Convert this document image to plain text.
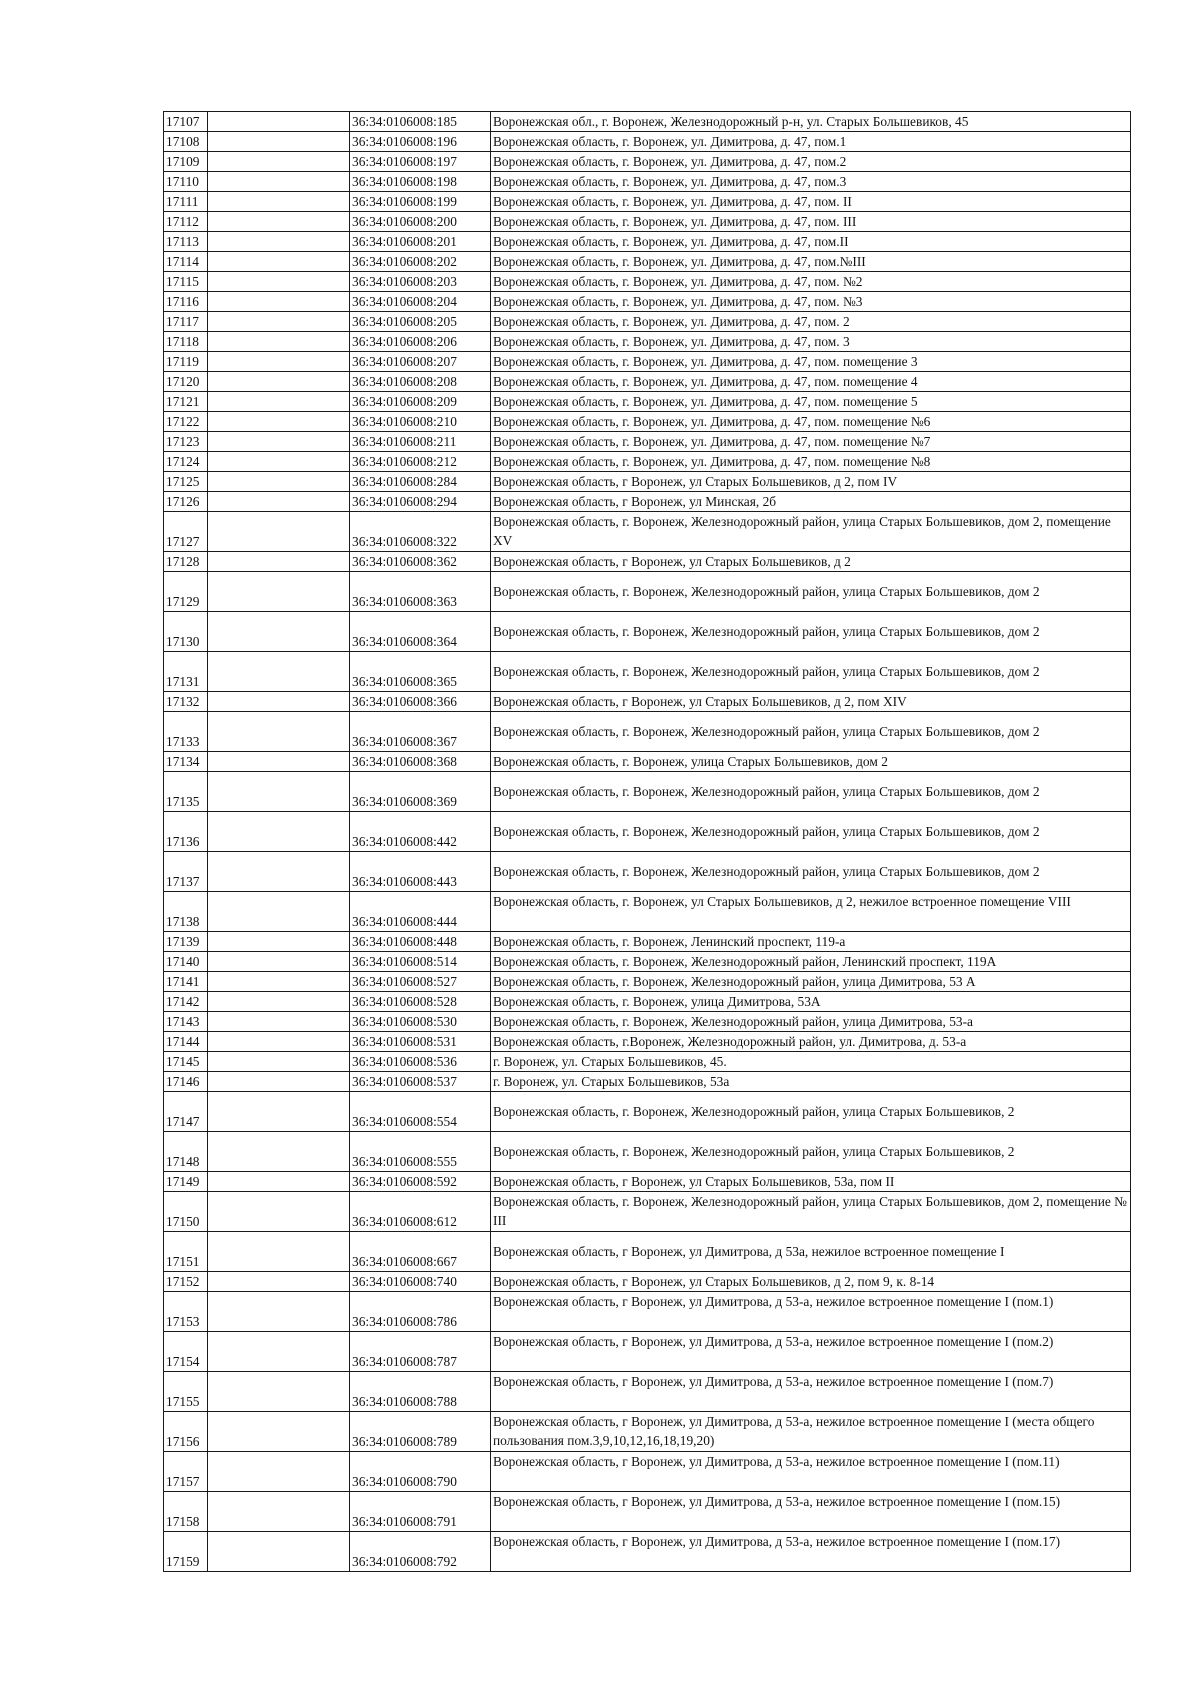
17107		36:34:0106008:185	Воронежская обл., г. Воронеж, Железнодорожный р-н, ул. Старых Большевиков, 45
17108		36:34:0106008:196	Воронежская область, г. Воронеж, ул. Димитрова, д. 47, пом.1
17109		36:34:0106008:197	Воронежская область, г. Воронеж, ул. Димитрова, д. 47, пом.2
17110		36:34:0106008:198	Воронежская область, г. Воронеж, ул. Димитрова, д. 47, пом.3
17111		36:34:0106008:199	Воронежская область, г. Воронеж, ул. Димитрова, д. 47, пом. II
17112		36:34:0106008:200	Воронежская область, г. Воронеж, ул. Димитрова, д. 47, пом. III
17113		36:34:0106008:201	Воронежская область, г. Воронеж, ул. Димитрова, д. 47, пом.II
17114		36:34:0106008:202	Воронежская область, г. Воронеж, ул. Димитрова, д. 47, пом.№III
17115		36:34:0106008:203	Воронежская область, г. Воронеж, ул. Димитрова, д. 47, пом. №2
17116		36:34:0106008:204	Воронежская область, г. Воронеж, ул. Димитрова, д. 47, пом. №3
17117		36:34:0106008:205	Воронежская область, г. Воронеж, ул. Димитрова, д. 47, пом. 2
17118		36:34:0106008:206	Воронежская область, г. Воронеж, ул. Димитрова, д. 47, пом. 3
17119		36:34:0106008:207	Воронежская область, г. Воронеж, ул. Димитрова, д. 47, пом. помещение 3
17120		36:34:0106008:208	Воронежская область, г. Воронеж, ул. Димитрова, д. 47, пом. помещение 4
17121		36:34:0106008:209	Воронежская область, г. Воронеж, ул. Димитрова, д. 47, пом. помещение 5
17122		36:34:0106008:210	Воронежская область, г. Воронеж, ул. Димитрова, д. 47, пом. помещение №6
17123		36:34:0106008:211	Воронежская область, г. Воронеж, ул. Димитрова, д. 47, пом. помещение №7
17124		36:34:0106008:212	Воронежская область, г. Воронеж, ул. Димитрова, д. 47, пом. помещение №8
17125		36:34:0106008:284	Воронежская область, г Воронеж, ул Старых Большевиков, д 2, пом IV
17126		36:34:0106008:294	Воронежская область, г Воронеж, ул Минская, 2б
17127		36:34:0106008:322	Воронежская область, г. Воронеж, Железнодорожный район, улица Старых Большевиков, дом 2, помещение XV
17128		36:34:0106008:362	Воронежская область, г Воронеж, ул Старых Большевиков, д 2
17129		36:34:0106008:363	Воронежская область, г. Воронеж, Железнодорожный район, улица Старых Большевиков, дом 2
17130		36:34:0106008:364	Воронежская область, г. Воронеж, Железнодорожный район, улица Старых Большевиков, дом 2
17131		36:34:0106008:365	Воронежская область, г. Воронеж, Железнодорожный район, улица Старых Большевиков, дом 2
17132		36:34:0106008:366	Воронежская область, г Воронеж, ул Старых Большевиков, д 2, пом XIV
17133		36:34:0106008:367	Воронежская область, г. Воронеж, Железнодорожный район, улица Старых Большевиков, дом 2
17134		36:34:0106008:368	Воронежская область, г. Воронеж, улица Старых Большевиков, дом 2
17135		36:34:0106008:369	Воронежская область, г. Воронеж, Железнодорожный район, улица Старых Большевиков, дом 2
17136		36:34:0106008:442	Воронежская область, г. Воронеж, Железнодорожный район, улица Старых Большевиков, дом 2
17137		36:34:0106008:443	Воронежская область, г. Воронеж, Железнодорожный район, улица Старых Большевиков, дом 2
17138		36:34:0106008:444	Воронежская область, г. Воронеж, ул Старых Большевиков, д 2, нежилое встроенное помещение VIII
17139		36:34:0106008:448	Воронежская область, г. Воронеж, Ленинский проспект, 119-а
17140		36:34:0106008:514	Воронежская область, г. Воронеж, Железнодорожный район, Ленинский проспект, 119А
17141		36:34:0106008:527	Воронежская область, г. Воронеж, Железнодорожный район, улица Димитрова, 53 А
17142		36:34:0106008:528	Воронежская область, г. Воронеж, улица Димитрова, 53А
17143		36:34:0106008:530	Воронежская область, г. Воронеж, Железнодорожный район, улица Димитрова, 53-а
17144		36:34:0106008:531	Воронежская область, г.Воронеж, Железнодорожный район, ул. Димитрова, д. 53-а
17145		36:34:0106008:536	г. Воронеж, ул. Старых Большевиков, 45.
17146		36:34:0106008:537	г. Воронеж, ул. Старых Большевиков, 53а
17147		36:34:0106008:554	Воронежская область, г. Воронеж, Железнодорожный район, улица Старых Большевиков, 2
17148		36:34:0106008:555	Воронежская область, г. Воронеж, Железнодорожный район, улица Старых Большевиков, 2
17149		36:34:0106008:592	Воронежская область, г Воронеж, ул Старых Большевиков, 53а, пом II
17150		36:34:0106008:612	Воронежская область, г. Воронеж, Железнодорожный район, улица Старых Большевиков, дом 2, помещение № III
17151		36:34:0106008:667	Воронежская область, г Воронеж, ул Димитрова, д 53а, нежилое встроенное помещение I
17152		36:34:0106008:740	Воронежская область, г Воронеж, ул Старых Большевиков, д 2, пом 9, к. 8-14
17153		36:34:0106008:786	Воронежская область, г Воронеж, ул Димитрова, д 53-а, нежилое встроенное помещение I (пом.1)
17154		36:34:0106008:787	Воронежская область, г Воронеж, ул Димитрова, д 53-а, нежилое встроенное помещение I (пом.2)
17155		36:34:0106008:788	Воронежская область, г Воронеж, ул Димитрова, д 53-а, нежилое встроенное помещение I (пом.7)
17156		36:34:0106008:789	Воронежская область, г Воронеж, ул Димитрова, д 53-а, нежилое встроенное помещение I (места общего пользования пом.3,9,10,12,16,18,19,20)
17157		36:34:0106008:790	Воронежская область, г Воронеж, ул Димитрова, д 53-а, нежилое встроенное помещение I (пом.11)
17158		36:34:0106008:791	Воронежская область, г Воронеж, ул Димитрова, д 53-а, нежилое встроенное помещение I (пом.15)
17159		36:34:0106008:792	Воронежская область, г Воронеж, ул Димитрова, д 53-а, нежилое встроенное помещение I (пом.17)
